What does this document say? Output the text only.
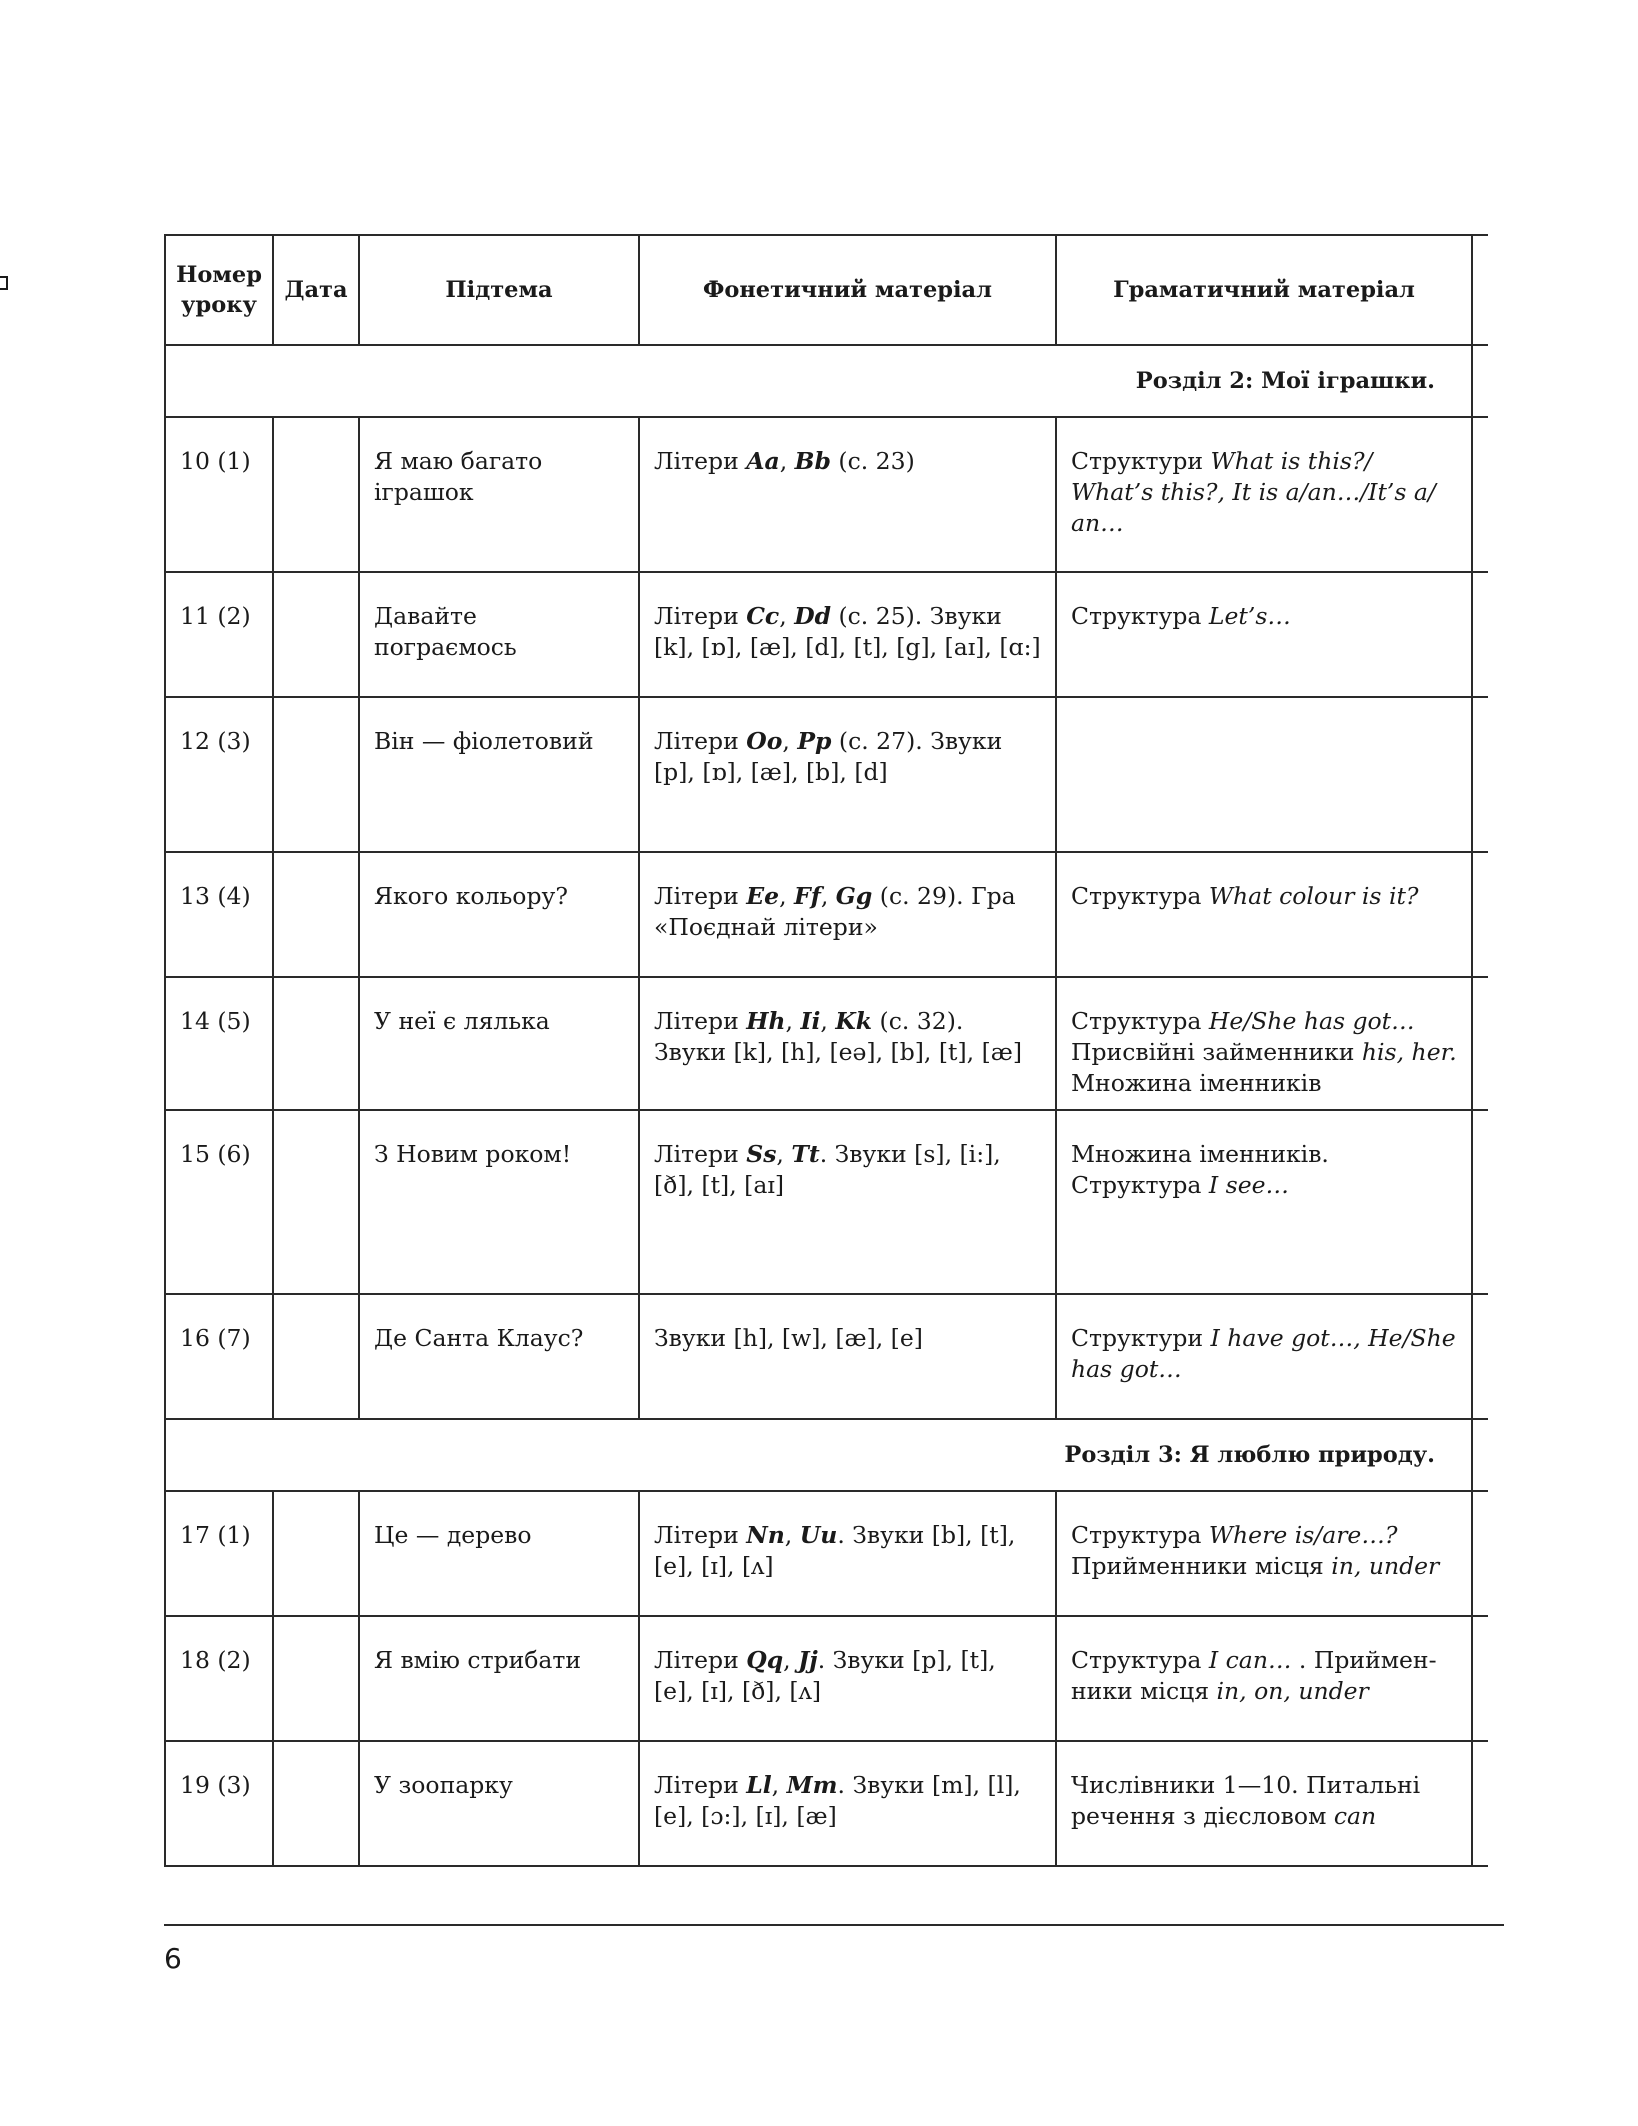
Номер уроку	Дата	Підтема	Фонетичний матеріал	Граматичний матеріал	
Розділ 2: Мої іграшки.					
10 (1)		Я маю багато іграшок	Літери Aa, Bb (с. 23)	Структури What is this?/ What’s this?, It is a/an…/It’s a/ an…	
11 (2)		Давайте пограємось	Літери Cc, Dd (с. 25). Звуки [k], [ɒ], [æ], [d], [t], [g], [aɪ], [ɑ:]	Структура Let’s…	
12 (3)		Він — фіолетовий	Літери Oo, Pp (с. 27). Звуки [p], [ɒ], [æ], [b], [d]		
13 (4)		Якого кольору?	Літери Ee, Ff, Gg (с. 29). Гра «Поєднай літери»	Структура What colour is it?	
14 (5)		У неї є лялька	Літери Hh, Ii, Kk (с. 32). Звуки [k], [h], [eə], [b], [t], [æ]	Структура He/She has got… Присвійні займенники his, her. Множина іменників	
15 (6)		З Новим роком!	Літери Ss, Tt. Звуки [s], [i:], [ð], [t], [aɪ]	Множина іменників. Структура I see…	
16 (7)		Де Санта Клаус?	Звуки [h], [w], [æ], [e]	Структури I have got…, He/She has got…	
Розділ 3: Я люблю природу.					
17 (1)		Це — дерево	Літери Nn, Uu. Звуки [b], [t], [e], [ɪ], [ʌ]	Структура Where is/are…? Прийменники місця in, under	
18 (2)		Я вмію стрибати	Літери Qq, Jj. Звуки [p], [t], [e], [ɪ], [ð], [ʌ]	Структура I can… . Приймен-ники місця in, on, under	
19 (3)		У зоопарку	Літери Ll, Mm. Звуки [m], [l], [e], [ɔ:], [ɪ], [æ]	Числівники 1—10. Питальні речення з дієсловом can	
6
